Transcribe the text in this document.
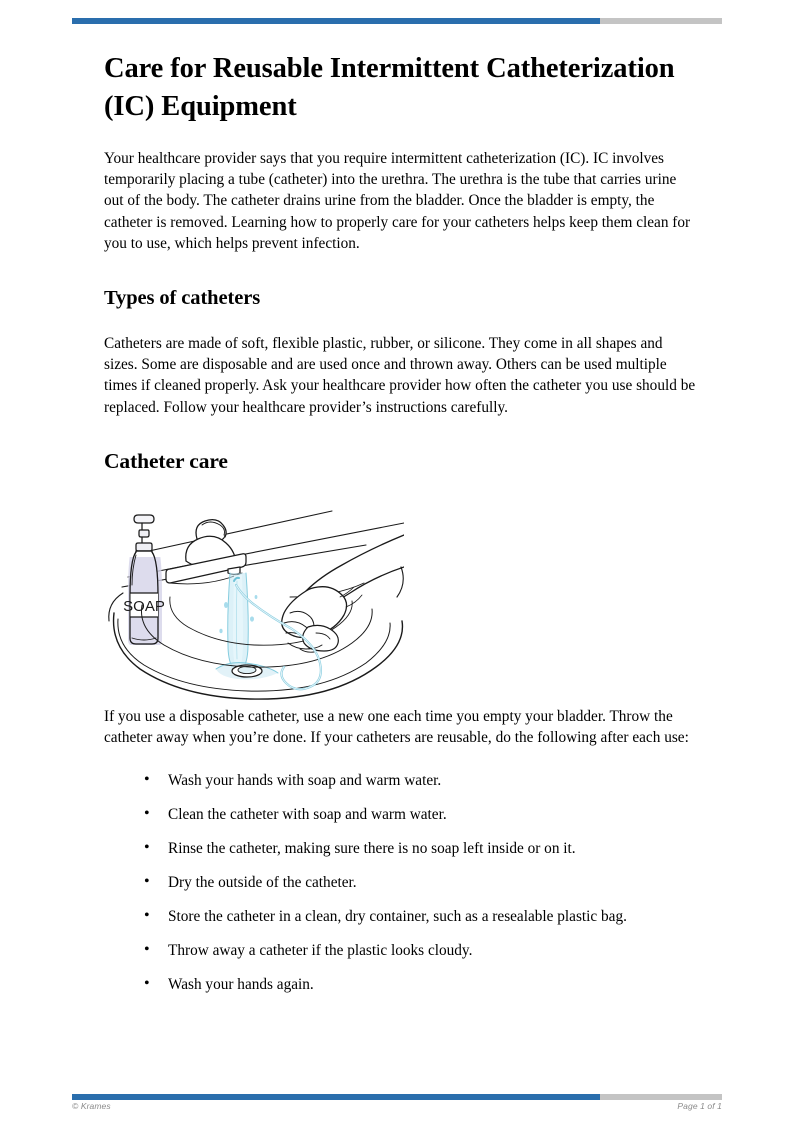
Care for Reusable Intermittent Catheterization (IC) Equipment

Your healthcare provider says that you require intermittent catheterization (IC). IC involves temporarily placing a tube (catheter) into the urethra. The urethra is the tube that carries urine out of the body. The catheter drains urine from the bladder. Once the bladder is empty, the catheter is removed. Learning how to properly care for your catheters helps keep them clean for you to use, which helps prevent infection.

Types of catheters

Catheters are made of soft, flexible plastic, rubber, or silicone. They come in all shapes and sizes. Some are disposable and are used once and thrown away. Others can be used multiple times if cleaned properly. Ask your healthcare provider how often the catheter you use should be replaced. Follow your healthcare provider’s instructions carefully.

Catheter care
SOAP

If you use a disposable catheter, use a new one each time you empty your bladder. Throw the catheter away when you’re done. If your catheters are reusable, do the following after each use:

• Wash your hands with soap and warm water.
• Clean the catheter with soap and warm water.
• Rinse the catheter, making sure there is no soap left inside or on it.
• Dry the outside of the catheter.
• Store the catheter in a clean, dry container, such as a resealable plastic bag.
• Throw away a catheter if the plastic looks cloudy.
• Wash your hands again.
© Krames	Page 1 of 1
